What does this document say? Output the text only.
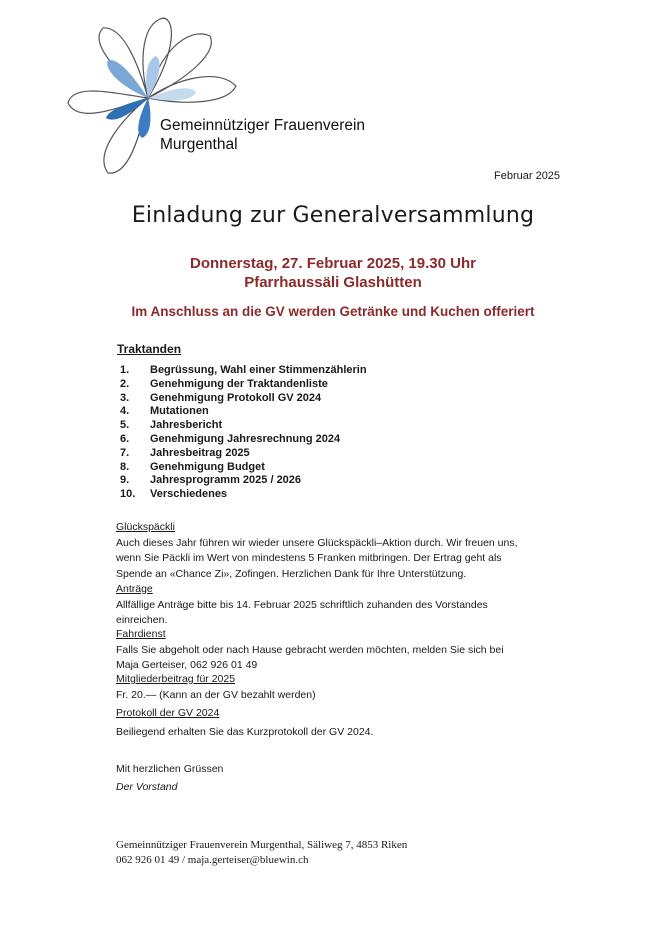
Gemeinnütziger Frauenverein
Murgenthal
Februar 2025
Einladung zur Generalversammlung
Donnerstag, 27. Februar 2025, 19.30 Uhr
Pfarrhaussäli Glashütten
Im Anschluss an die GV werden Getränke und Kuchen offeriert
Traktanden
1. Begrüssung, Wahl einer Stimmenzählerin
2. Genehmigung der Traktandenliste
3. Genehmigung Protokoll GV 2024
4. Mutationen
5. Jahresbericht
6. Genehmigung Jahresrechnung 2024
7. Jahresbeitrag 2025
8. Genehmigung Budget
9. Jahresprogramm 2025 / 2026
10. Verschiedenes
Glückspäckli

Auch dieses Jahr führen wir wieder unsere Glückspäckli–Aktion durch. Wir freuen uns,

wenn Sie Päckli im Wert von mindestens 5 Franken mitbringen. Der Ertrag geht als

Spende an «Chance Zi», Zofingen. Herzlichen Dank für Ihre Unterstützung.

Anträge

Allfällige Anträge bitte bis 14. Februar 2025 schriftlich zuhanden des Vorstandes

einreichen.

Fahrdienst

Falls Sie abgeholt oder nach Hause gebracht werden möchten, melden Sie sich bei

Maja Gerteiser, 062 926 01 49

Mitgliederbeitrag für 2025

Fr. 20.— (Kann an der GV bezahlt werden)

Protokoll der GV 2024

Beiliegend erhalten Sie das Kurzprotokoll der GV 2024.

Mit herzlichen Grüssen
Der Vorstand
Gemeinnütziger Frauenverein Murgenthal, Säliweg 7, 4853 Riken
062 926 01 49 / maja.gerteiser@bluewin.ch
